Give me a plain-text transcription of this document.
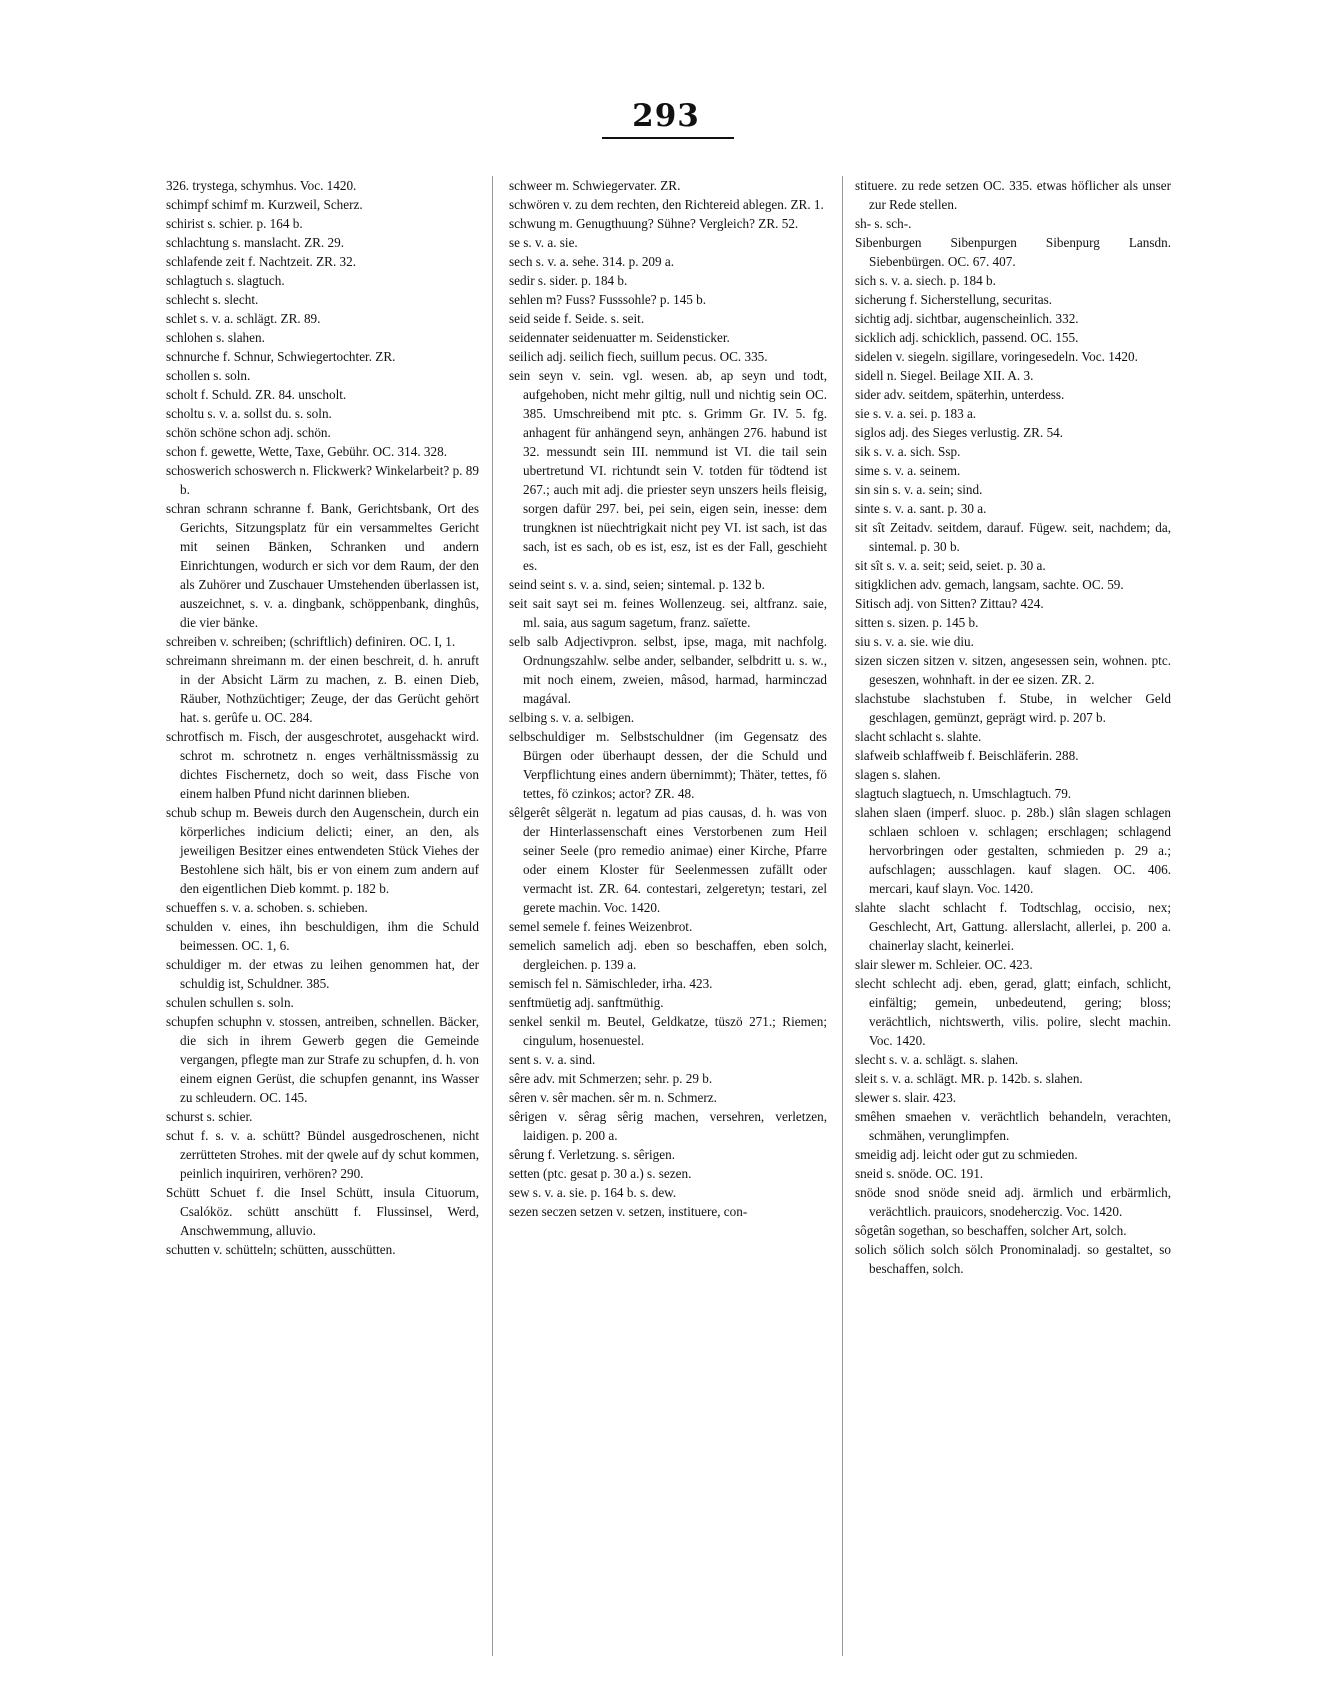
293

326. trystega, schymhus. Voc. 1420.

schimpf schimf m. Kurzweil, Scherz.

schirist s. schier. p. 164 b.

schlachtung s. manslacht. ZR. 29.

schlafende zeit f. Nachtzeit. ZR. 32.

schlagtuch s. slagtuch.

schlecht s. slecht.

schlet s. v. a. schlägt. ZR. 89.

schlohen s. slahen.

schnurche f. Schnur, Schwiegertochter. ZR.

schollen s. soln.

scholt f. Schuld. ZR. 84. unscholt.

scholtu s. v. a. sollst du. s. soln.

schön schöne schon adj. schön.

schon f. gewette, Wette, Taxe, Gebühr. OC. 314. 328.

schoswerich schoswerch n. Flickwerk? Winkelarbeit? p. 89 b.

schran schrann schranne f. Bank, Gerichtsbank, Ort des Gerichts, Sitzungsplatz für ein versammeltes Gericht mit seinen Bänken, Schranken und andern Einrichtungen, wodurch er sich vor dem Raum, der den als Zuhörer und Zuschauer Umstehenden überlassen ist, auszeichnet, s. v. a. dingbank, schöppenbank, dinghûs, die vier bänke.

schreiben v. schreiben; (schriftlich) definiren. OC. I, 1.

schreimann shreimann m. der einen beschreit, d. h. anruft in der Absicht Lärm zu machen, z. B. einen Dieb, Räuber, Nothzüchtiger; Zeuge, der das Gerücht gehört hat. s. gerûfe u. OC. 284.

schrotfisch m. Fisch, der ausgeschrotet, ausgehackt wird. schrot m. schrotnetz n. enges verhältnissmässig zu dichtes Fischernetz, doch so weit, dass Fische von einem halben Pfund nicht darinnen blieben.

schub schup m. Beweis durch den Augenschein, durch ein körperliches indicium delicti; einer, an den, als jeweiligen Besitzer eines entwendeten Stück Viehes der Bestohlene sich hält, bis er von einem zum andern auf den eigentlichen Dieb kommt. p. 182 b.

schueffen s. v. a. schoben. s. schieben.

schulden v. eines, ihn beschuldigen, ihm die Schuld beimessen. OC. 1, 6.

schuldiger m. der etwas zu leihen genommen hat, der schuldig ist, Schuldner. 385.

schulen schullen s. soln.

schupfen schuphn v. stossen, antreiben, schnellen. Bäcker, die sich in ihrem Gewerb gegen die Gemeinde vergangen, pflegte man zur Strafe zu schupfen, d. h. von einem eignen Gerüst, die schupfen genannt, ins Wasser zu schleudern. OC. 145.

schurst s. schier.

schut f. s. v. a. schütt? Bündel ausgedroschenen, nicht zerrütteten Strohes. mit der qwele auf dy schut kommen, peinlich inquiriren, verhören? 290.

Schütt Schuet f. die Insel Schütt, insula Cituorum, Csalóköz. schütt anschütt f. Flussinsel, Werd, Anschwemmung, alluvio.

schutten v. schütteln; schütten, ausschütten.

schweer m. Schwiegervater. ZR.

schwören v. zu dem rechten, den Richtereid ablegen. ZR. 1.

schwung m. Genugthuung? Sühne? Vergleich? ZR. 52.

se s. v. a. sie.

sech s. v. a. sehe. 314. p. 209 a.

sedir s. sider. p. 184 b.

sehlen m? Fuss? Fusssohle? p. 145 b.

seid seide f. Seide. s. seit.

seidennater seidenuatter m. Seidensticker.

seilich adj. seilich fiech, suillum pecus. OC. 335.

sein seyn v. sein. vgl. wesen. ab, ap seyn und todt, aufgehoben, nicht mehr giltig, null und nichtig sein OC. 385. Umschreibend mit ptc. s. Grimm Gr. IV. 5. fg. anhagent für anhängend seyn, anhängen 276. habund ist 32. messundt sein III. nemmund ist VI. die tail sein ubertretund VI. richtundt sein V. totden für tödtend ist 267.; auch mit adj. die priester seyn unszers heils fleisig, sorgen dafür 297. bei, pei sein, eigen sein, inesse: dem trungknen ist nüechtrigkait nicht pey VI. ist sach, ist das sach, ist es sach, ob es ist, esz, ist es der Fall, geschieht es.

seind seint s. v. a. sind, seien; sintemal. p. 132 b.

seit sait sayt sei m. feines Wollenzeug. sei, altfranz. saie, ml. saia, aus sagum sagetum, franz. saïette.

selb salb Adjectivpron. selbst, ipse, maga, mit nachfolg. Ordnungszahlw. selbe ander, selbander, selbdritt u. s. w., mit noch einem, zweien, mâsod, harmad, harminczad magával.

selbing s. v. a. selbigen.

selbschuldiger m. Selbstschuldner (im Gegensatz des Bürgen oder überhaupt dessen, der die Schuld und Verpflichtung eines andern übernimmt); Thäter, tettes, fö tettes, fö czinkos; actor? ZR. 48.

sêlgerêt sêlgerät n. legatum ad pias causas, d. h. was von der Hinterlassenschaft eines Verstorbenen zum Heil seiner Seele (pro remedio animae) einer Kirche, Pfarre oder einem Kloster für Seelenmessen zufällt oder vermacht ist. ZR. 64. contestari, zelgeretyn; testari, zel gerete machin. Voc. 1420.

semel semele f. feines Weizenbrot.

semelich samelich adj. eben so beschaffen, eben solch, dergleichen. p. 139 a.

semisch fel n. Sämischleder, irha. 423.

senftmüetig adj. sanftmüthig.

senkel senkil m. Beutel, Geldkatze, tüszö 271.; Riemen; cingulum, hosenuestel.

sent s. v. a. sind.

sêre adv. mit Schmerzen; sehr. p. 29 b.

sêren v. sêr machen. sêr m. n. Schmerz.

sêrigen v. sêrag sêrig machen, versehren, verletzen, laidigen. p. 200 a.

sêrung f. Verletzung. s. sêrigen.

setten (ptc. gesat p. 30 a.) s. sezen.

sew s. v. a. sie. p. 164 b. s. dew.

sezen seczen setzen v. setzen, instituere, con-

stituere. zu rede setzen OC. 335. etwas höflicher als unser zur Rede stellen.

sh- s. sch-.

Sibenburgen Sibenpurgen Sibenpurg Lansdn. Siebenbürgen. OC. 67. 407.

sich s. v. a. siech. p. 184 b.

sicherung f. Sicherstellung, securitas.

sichtig adj. sichtbar, augenscheinlich. 332.

sicklich adj. schicklich, passend. OC. 155.

sidelen v. siegeln. sigillare, voringesedeln. Voc. 1420.

sidell n. Siegel. Beilage XII. A. 3.

sider adv. seitdem, späterhin, unterdess.

sie s. v. a. sei. p. 183 a.

siglos adj. des Sieges verlustig. ZR. 54.

sik s. v. a. sich. Ssp.

sime s. v. a. seinem.

sin sin s. v. a. sein; sind.

sinte s. v. a. sant. p. 30 a.

sit sît Zeitadv. seitdem, darauf. Fügew. seit, nachdem; da, sintemal. p. 30 b.

sit sît s. v. a. seit; seid, seiet. p. 30 a.

sitigklichen adv. gemach, langsam, sachte. OC. 59.

Sitisch adj. von Sitten? Zittau? 424.

sitten s. sizen. p. 145 b.

siu s. v. a. sie. wie diu.

sizen siczen sitzen v. sitzen, angesessen sein, wohnen. ptc. geseszen, wohnhaft. in der ee sizen. ZR. 2.

slachstube slachstuben f. Stube, in welcher Geld geschlagen, gemünzt, geprägt wird. p. 207 b.

slacht schlacht s. slahte.

slafweib schlaffweib f. Beischläferin. 288.

slagen s. slahen.

slagtuch slagtuech, n. Umschlagtuch. 79.

slahen slaen (imperf. sluoc. p. 28b.) slân slagen schlagen schlaen schloen v. schlagen; erschlagen; schlagend hervorbringen oder gestalten, schmieden p. 29 a.; aufschlagen; ausschlagen. kauf slagen. OC. 406. mercari, kauf slayn. Voc. 1420.

slahte slacht schlacht f. Todtschlag, occisio, nex; Geschlecht, Art, Gattung. allerslacht, allerlei, p. 200 a. chainerlay slacht, keinerlei.

slair slewer m. Schleier. OC. 423.

slecht schlecht adj. eben, gerad, glatt; einfach, schlicht, einfältig; gemein, unbedeutend, gering; bloss; verächtlich, nichtswerth, vilis. polire, slecht machin. Voc. 1420.

slecht s. v. a. schlägt. s. slahen.

sleit s. v. a. schlägt. MR. p. 142b. s. slahen.

slewer s. slair. 423.

smêhen smaehen v. verächtlich behandeln, verachten, schmähen, verunglimpfen.

smeidig adj. leicht oder gut zu schmieden.

sneid s. snöde. OC. 191.

snöde snod snöde sneid adj. ärmlich und erbärmlich, verächtlich. prauicors, snodeherczig. Voc. 1420.

sôgetân sogethan, so beschaffen, solcher Art, solch.

solich sölich solch sölch Pronominaladj. so gestaltet, so beschaffen, solch.
